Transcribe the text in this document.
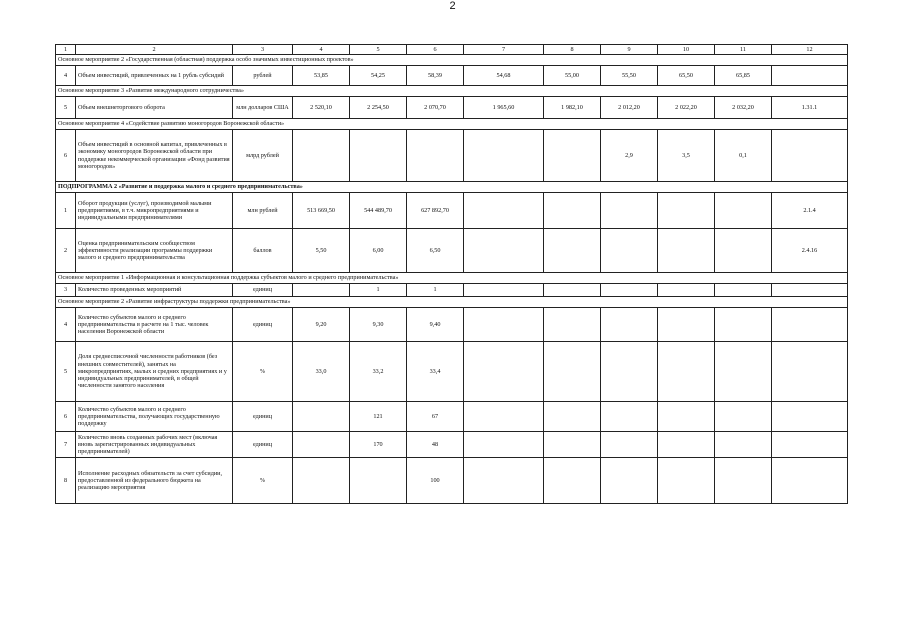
2
1	2	3	4	5	6	7	8	9	10	11	12
Основное мероприятие 2 «Государственная (областная) поддержка особо значимых инвестиционных проектов»											
4	Объем инвестиций, привлеченных на 1 рубль субсидий	рублей	53,85	54,25	58,39	54,68	55,00	55,50	65,50	65,85	
Основное мероприятие 3 «Развитие международного сотрудничества»											
5	Объем внешнеторгового оборота	млн долларов США	2 520,10	2 254,50	2 070,70	1 965,60	1 982,10	2 012,20	2 022,20	2 032,20	1.31.1
Основное мероприятие 4 «Содействие развитию моногородов Воронежской области»											
6	Объем инвестиций в основной капитал, привлеченных в экономику моногородов Воронежской области при поддержке некоммерческой организации «Фонд развития моногородов»	млрд рублей						2,9	3,5	0,1	
ПОДПРОГРАММА 2 «Развитие и поддержка малого и среднего предпринимательства»											
1	Оборот продукции (услуг), производимой малыми предприятиями, в т.ч. микропредприятиями и индивидуальными предпринимателями	млн рублей	513 669,50	544 489,70	627 892,70						2.1.4
2	Оценка предпринимательским сообществом эффективности реализации программы поддержки малого и среднего предпринимательства	баллов	5,50	6,00	6,50						2.4.16
Основное мероприятие 1 «Информационная и консультационная поддержка субъектов малого и среднего предпринимательства»											
3	Количество проведенных мероприятий	единиц		1	1						
Основное мероприятие 2 «Развитие инфраструктуры поддержки предпринимательства»											
4	Количество субъектов малого и среднего предпринимательства в расчете на 1 тыс. человек населения Воронежской области	единиц	9,20	9,30	9,40						
5	Доля среднесписочной численности работников (без внешних совместителей), занятых на микропредприятиях, малых и средних предприятиях и у индивидуальных предпринимателей, в общей численности занятого населения	%	33,0	33,2	33,4						
6	Количество субъектов малого и среднего предпринимательства, получающих государственную поддержку	единиц		121	67						
7	Количество вновь созданных рабочих мест (включая вновь зарегистрированных индивидуальных предпринимателей)	единиц		170	48						
8	Исполнение расходных обязательств за счет субсидии, предоставленной из федерального бюджета на реализацию мероприятия	%			100						
